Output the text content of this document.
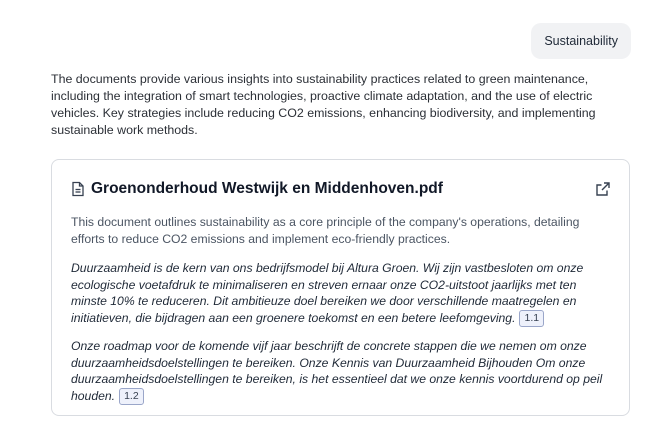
Sustainability
The documents provide various insights into sustainability practices related to green maintenance, including the integration of smart technologies, proactive climate adaptation, and the use of electric vehicles. Key strategies include reducing CO2 emissions, enhancing biodiversity, and implementing sustainable work methods.
Groenonderhoud Westwijk en Middenhoven.pdf
This document outlines sustainability as a core principle of the company's operations, detailing efforts to reduce CO2 emissions and implement eco-friendly practices.
Duurzaamheid is de kern van ons bedrijfsmodel bij Altura Groen. Wij zijn vastbesloten om onze ecologische voetafdruk te minimaliseren en streven ernaar onze CO2-uitstoot jaarlijks met ten minste 10% te reduceren. Dit ambitieuze doel bereiken we door verschillende maatregelen en initiatieven, die bijdragen aan een groenere toekomst en een betere leefomgeving. 1.1
Onze roadmap voor de komende vijf jaar beschrijft de concrete stappen die we nemen om onze duurzaamheidsdoelstellingen te bereiken. Onze Kennis van Duurzaamheid Bijhouden Om onze duurzaamheidsdoelstellingen te bereiken, is het essentieel dat we onze kennis voortdurend op peil houden. 1.2
